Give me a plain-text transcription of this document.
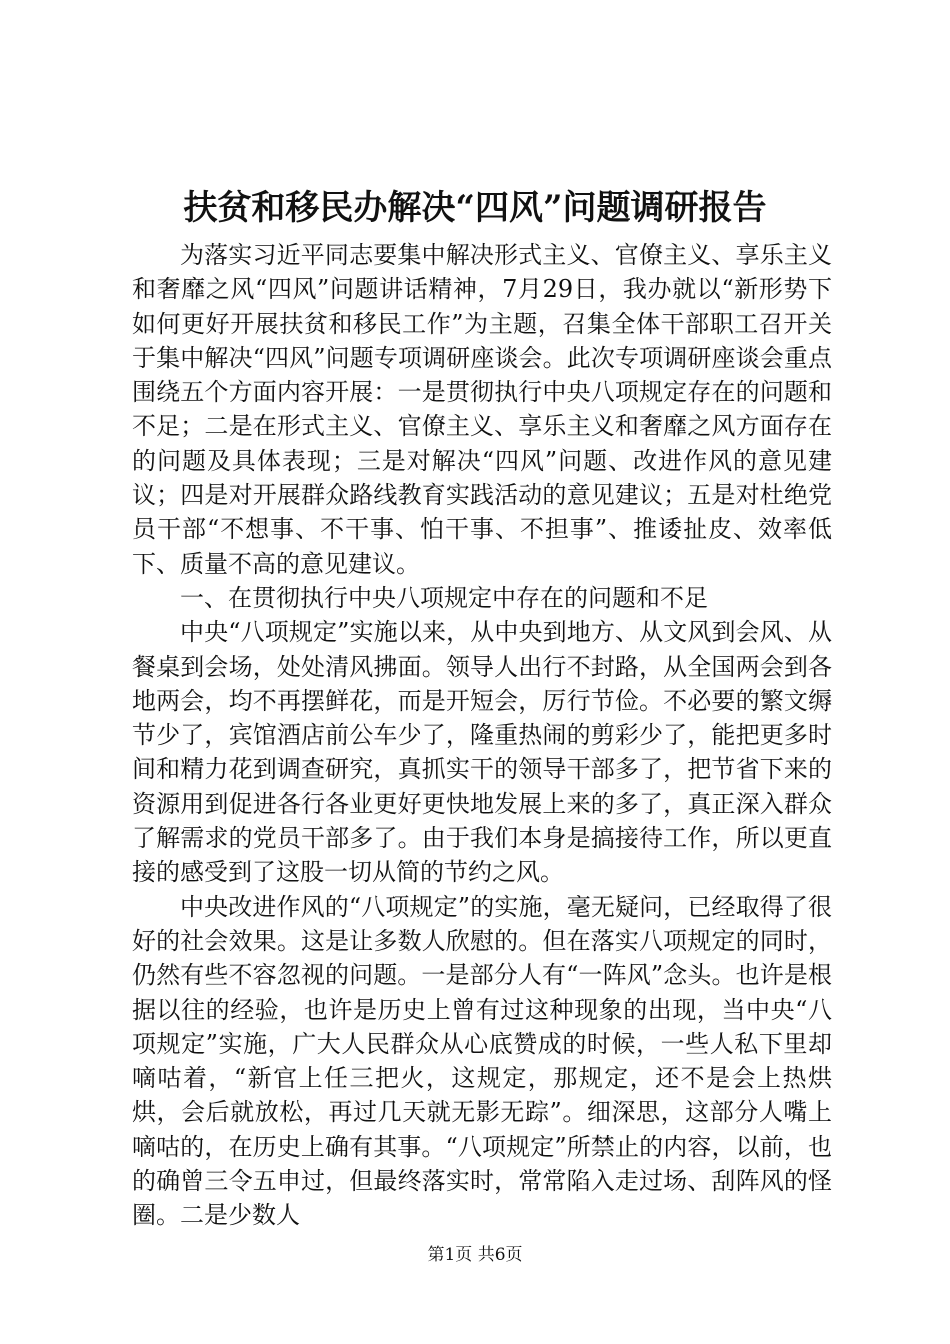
扶贫和移民办解决“四风”问题调研报告

为落实习近平同志要集中解决形式主义、官僚主义、享乐主义和奢靡之风“四风”问题讲话精神，7月29日，我办就以“新形势下如何更好开展扶贫和移民工作”为主题，召集全体干部职工召开关于集中解决“四风”问题专项调研座谈会。此次专项调研座谈会重点围绕五个方面内容开展：一是贯彻执行中央八项规定存在的问题和不足；二是在形式主义、官僚主义、享乐主义和奢靡之风方面存在的问题及具体表现；三是对解决“四风”问题、改进作风的意见建议；四是对开展群众路线教育实践活动的意见建议；五是对杜绝党员干部“不想事、不干事、怕干事、不担事”、推诿扯皮、效率低下、质量不高的意见建议。

一、在贯彻执行中央八项规定中存在的问题和不足

中央“八项规定”实施以来，从中央到地方、从文风到会风、从餐桌到会场，处处清风拂面。领导人出行不封路，从全国两会到各地两会，均不再摆鲜花，而是开短会，厉行节俭。不必要的繁文缛节少了，宾馆酒店前公车少了，隆重热闹的剪彩少了，能把更多时间和精力花到调查研究，真抓实干的领导干部多了，把节省下来的资源用到促进各行各业更好更快地发展上来的多了，真正深入群众了解需求的党员干部多了。由于我们本身是搞接待工作，所以更直接的感受到了这股一切从简的节约之风。

中央改进作风的“八项规定”的实施，毫无疑问，已经取得了很好的社会效果。这是让多数人欣慰的。但在落实八项规定的同时，仍然有些不容忽视的问题。一是部分人有“一阵风”念头。也许是根据以往的经验，也许是历史上曾有过这种现象的出现，当中央“八项规定”实施，广大人民群众从心底赞成的时候，一些人私下里却嘀咕着，“新官上任三把火，这规定，那规定，还不是会上热烘烘，会后就放松，再过几天就无影无踪”。细深思，这部分人嘴上嘀咕的，在历史上确有其事。“八项规定”所禁止的内容，以前，也的确曾三令五申过，但最终落实时，常常陷入走过场、刮阵风的怪圈。二是少数人

第1页 共6页
